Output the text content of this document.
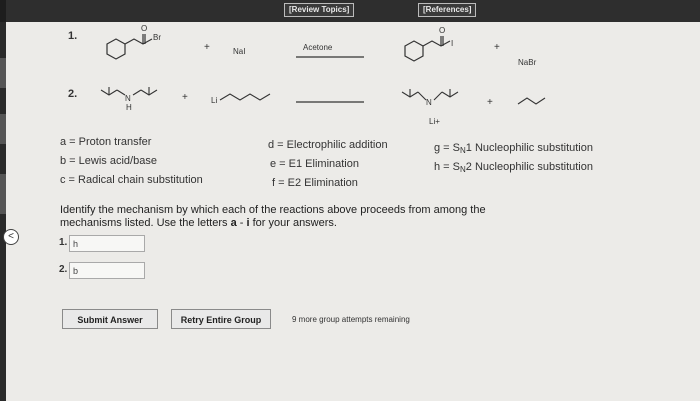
[Review Topics]	[References]
1.
O
Br
+	NaI	Acetone
O
I	+
NaBr
2.	N
H
+	Li	N
Li+
+
a = Proton transfer
b = Lewis acid/base
c = Radical chain substitution
d = Electrophilic addition
e = E1 Elimination
f = E2 Elimination
$g = S_N1$ Nucleophilic substitution
$h = S_N2$ Nucleophilic substitution
Identify the mechanism by which each of the reactions above proceeds from among the
mechanisms listed. Use the letters a - i for your answers.
1. h
2. b
Submit Answer	Retry Entire Group	9 more group attempts remaining
<
